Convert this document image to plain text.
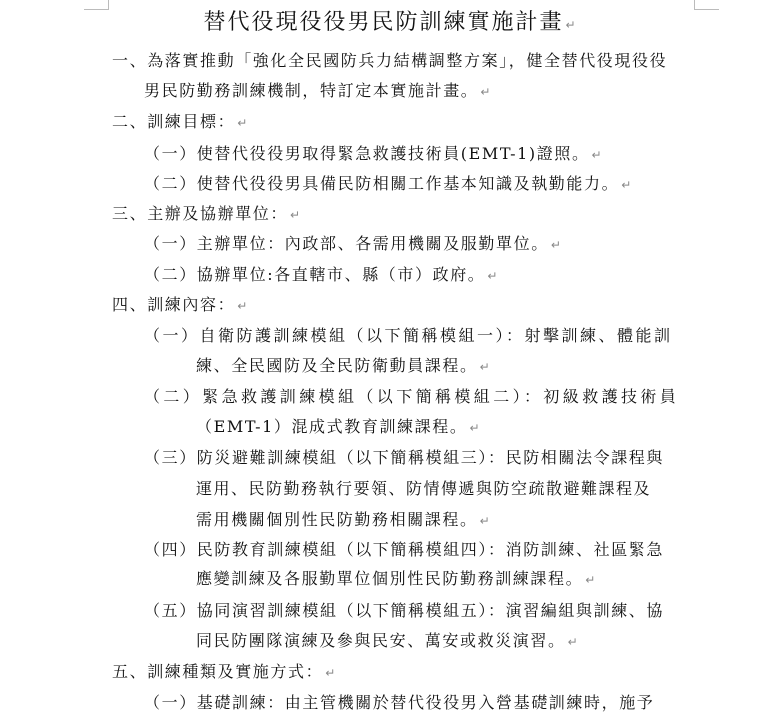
替代役現役役男民防訓練實施計畫 ↵
一、為落實推動「強化全民國防兵力結構調整方案」，健全替代役現役役
男民防勤務訓練機制，特訂定本實施計畫。 ↵
二、訓練目標： ↵
（一）使替代役役男取得緊急救護技術員(EMT-1)證照。 ↵
（二）使替代役役男具備民防相關工作基本知識及執勤能力。 ↵
三、主辦及協辦單位： ↵
（一）主辦單位：內政部、各需用機關及服勤單位。 ↵
（二）協辦單位:各直轄市、縣（市）政府。 ↵
四、訓練內容： ↵
（一）自衛防護訓練模組（以下簡稱模組一）：射擊訓練、體能訓
練、全民國防及全民防衛動員課程。 ↵
（二）緊急救護訓練模組（以下簡稱模組二）：初級救護技術員
（EMT-1）混成式教育訓練課程。 ↵
（三）防災避難訓練模組（以下簡稱模組三）：民防相關法令課程與
運用、民防勤務執行要領、防情傳遞與防空疏散避難課程及
需用機關個別性民防勤務相關課程。 ↵
（四）民防教育訓練模組（以下簡稱模組四）：消防訓練、社區緊急
應變訓練及各服勤單位個別性民防勤務訓練課程。 ↵
（五）協同演習訓練模組（以下簡稱模組五）：演習編組與訓練、協
同民防團隊演練及參與民安、萬安或救災演習。 ↵
五、訓練種類及實施方式： ↵
（一）基礎訓練：由主管機關於替代役役男入營基礎訓練時，施予
